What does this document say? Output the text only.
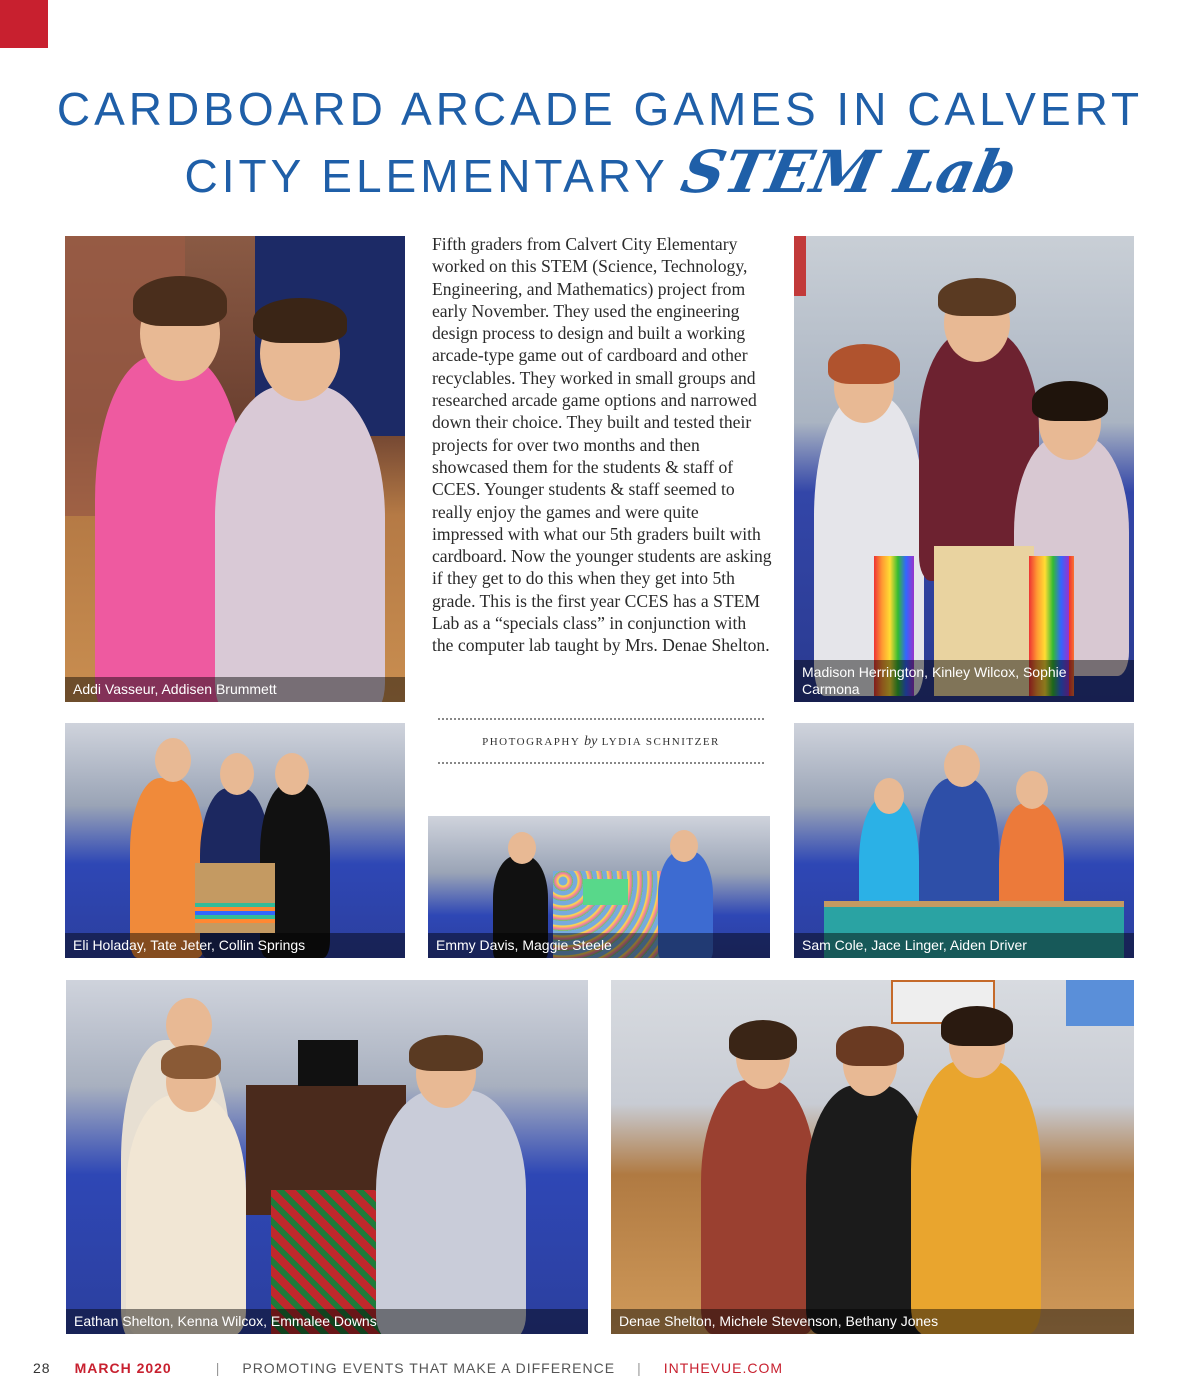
CARDBOARD ARCADE GAMES IN CALVERT
CITY ELEMENTARY STEM Lab
Addi Vasseur, Addisen Brummett
Fifth graders from Calvert City Elementary worked on this STEM (Science, Technology, Engineering, and Mathematics) project from early November. They used the engineering design process to design and built a working arcade-type game out of cardboard and other recyclables. They worked in small groups and researched arcade game options and narrowed down their choice. They built and tested their projects for over two months and then showcased them for the students & staff of CCES. Younger students & staff seemed to really enjoy the games and were quite impressed with what our 5th graders built with cardboard. Now the younger students are asking if they get to do this when they get into 5th grade. This is the first year CCES has a STEM Lab as a “specials class” in conjunction with the computer lab taught by Mrs. Denae Shelton.
Madison Herrington, Kinley Wilcox, Sophie Carmona
PHOTOGRAPHY by LYDIA SCHNITZER
Eli Holaday, Tate Jeter, Collin Springs	Emmy Davis, Maggie Steele	Sam Cole, Jace Linger, Aiden Driver
Eathan Shelton, Kenna Wilcox, Emmalee Downs	Denae Shelton, Michele Stevenson, Bethany Jones
28 MARCH 2020	| PROMOTING EVENTS THAT MAKE A DIFFERENCE | INTHEVUE.COM
